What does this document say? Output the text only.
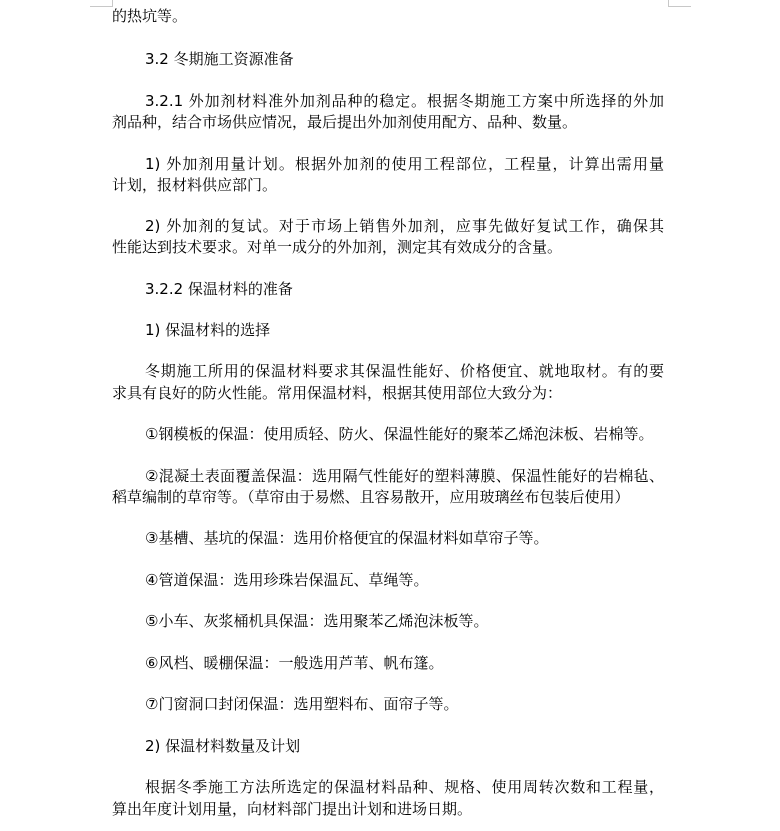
的热坑等。

3.2 冬期施工资源准备

3.2.1 外加剂材料准外加剂品种的稳定。根据冬期施工方案中所选择的外加

剂品种，结合市场供应情况，最后提出外加剂使用配方、品种、数量。

1) 外加剂用量计划。根据外加剂的使用工程部位，工程量，计算出需用量

计划，报材料供应部门。

2) 外加剂的复试。对于市场上销售外加剂，应事先做好复试工作，确保其

性能达到技术要求。对单一成分的外加剂，测定其有效成分的含量。

3.2.2 保温材料的准备

1) 保温材料的选择

冬期施工所用的保温材料要求其保温性能好、价格便宜、就地取材。有的要

求具有良好的防火性能。常用保温材料，根据其使用部位大致分为：

①钢模板的保温：使用质轻、防火、保温性能好的聚苯乙烯泡沫板、岩棉等。

②混凝土表面覆盖保温：选用隔气性能好的塑料薄膜、保温性能好的岩棉毡、

稻草编制的草帘等。（草帘由于易燃、且容易散开，应用玻璃丝布包装后使用）

③基槽、基坑的保温：选用价格便宜的保温材料如草帘子等。

④管道保温：选用珍珠岩保温瓦、草绳等。

⑤小车、灰浆桶机具保温：选用聚苯乙烯泡沫板等。

⑥风档、暖棚保温：一般选用芦苇、帆布篷。

⑦门窗洞口封闭保温：选用塑料布、面帘子等。

2) 保温材料数量及计划

根据冬季施工方法所选定的保温材料品种、规格、使用周转次数和工程量，

算出年度计划用量，向材料部门提出计划和进场日期。
